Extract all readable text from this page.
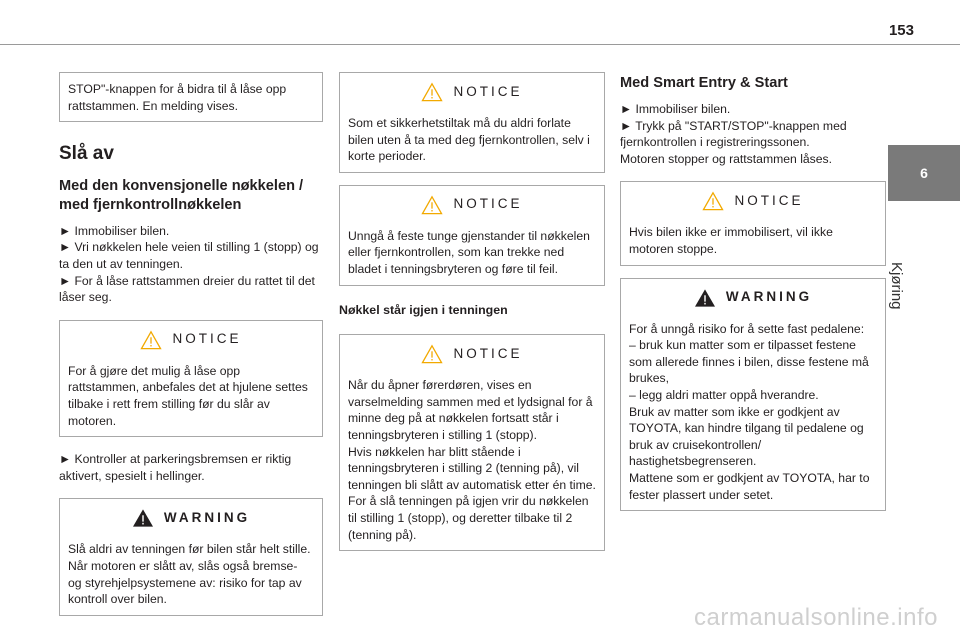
153
6
Kjøring

STOP"-knappen for å bidra til å låse opp rattstammen. En melding vises.

Slå av
Med den konvensjonelle nøkkelen / med fjernkontrollnøkkelen
► Immobiliser bilen.
► Vri nøkkelen hele veien til stilling 1 (stopp) og ta den ut av tenningen.
► For å låse rattstammen dreier du rattet til det låser seg.
NOTICE

For å gjøre det mulig å låse opp rattstammen, anbefales det at hjulene settes tilbake i rett frem stilling før du slår av motoren.

► Kontroller at parkeringsbremsen er riktig aktivert, spesielt i hellinger.
WARNING

Slå aldri av tenningen før bilen står helt stille. Når motoren er slått av, slås også bremse- og styrehjelpsystemene av: risiko for tap av kontroll over bilen.

NOTICE

Som et sikkerhetstiltak må du aldri forlate bilen uten å ta med deg fjernkontrollen, selv i korte perioder.

NOTICE

Unngå å feste tunge gjenstander til nøkkelen eller fjernkontrollen, som kan trekke ned bladet i tenningsbryteren og føre til feil.

Nøkkel står igjen i tenningen
NOTICE

Når du åpner førerdøren, vises en varselmelding sammen med et lydsignal for å minne deg på at nøkkelen fortsatt står i tenningsbryteren i stilling 1 (stopp).

Hvis nøkkelen har blitt stående i tenningsbryteren i stilling 2 (tenning på), vil tenningen bli slått av automatisk etter én time.

For å slå tenningen på igjen vrir du nøkkelen til stilling 1 (stopp), og deretter tilbake til 2 (tenning på).

Med Smart Entry & Start
► Immobiliser bilen.
► Trykk på "START/STOP"-knappen med fjernkontrollen i registreringssonen.
Motoren stopper og rattstammen låses.
NOTICE

Hvis bilen ikke er immobilisert, vil ikke motoren stoppe.

WARNING

For å unngå risiko for å sette fast pedalene:

– bruk kun matter som er tilpasset festene som allerede finnes i bilen, disse festene må brukes,

– legg aldri matter oppå hverandre.

Bruk av matter som ikke er godkjent av TOYOTA, kan hindre tilgang til pedalene og bruk av cruisekontrollen/ hastighetsbegrenseren.

Mattene som er godkjent av TOYOTA, har to fester plassert under setet.

carmanualsonline.info
